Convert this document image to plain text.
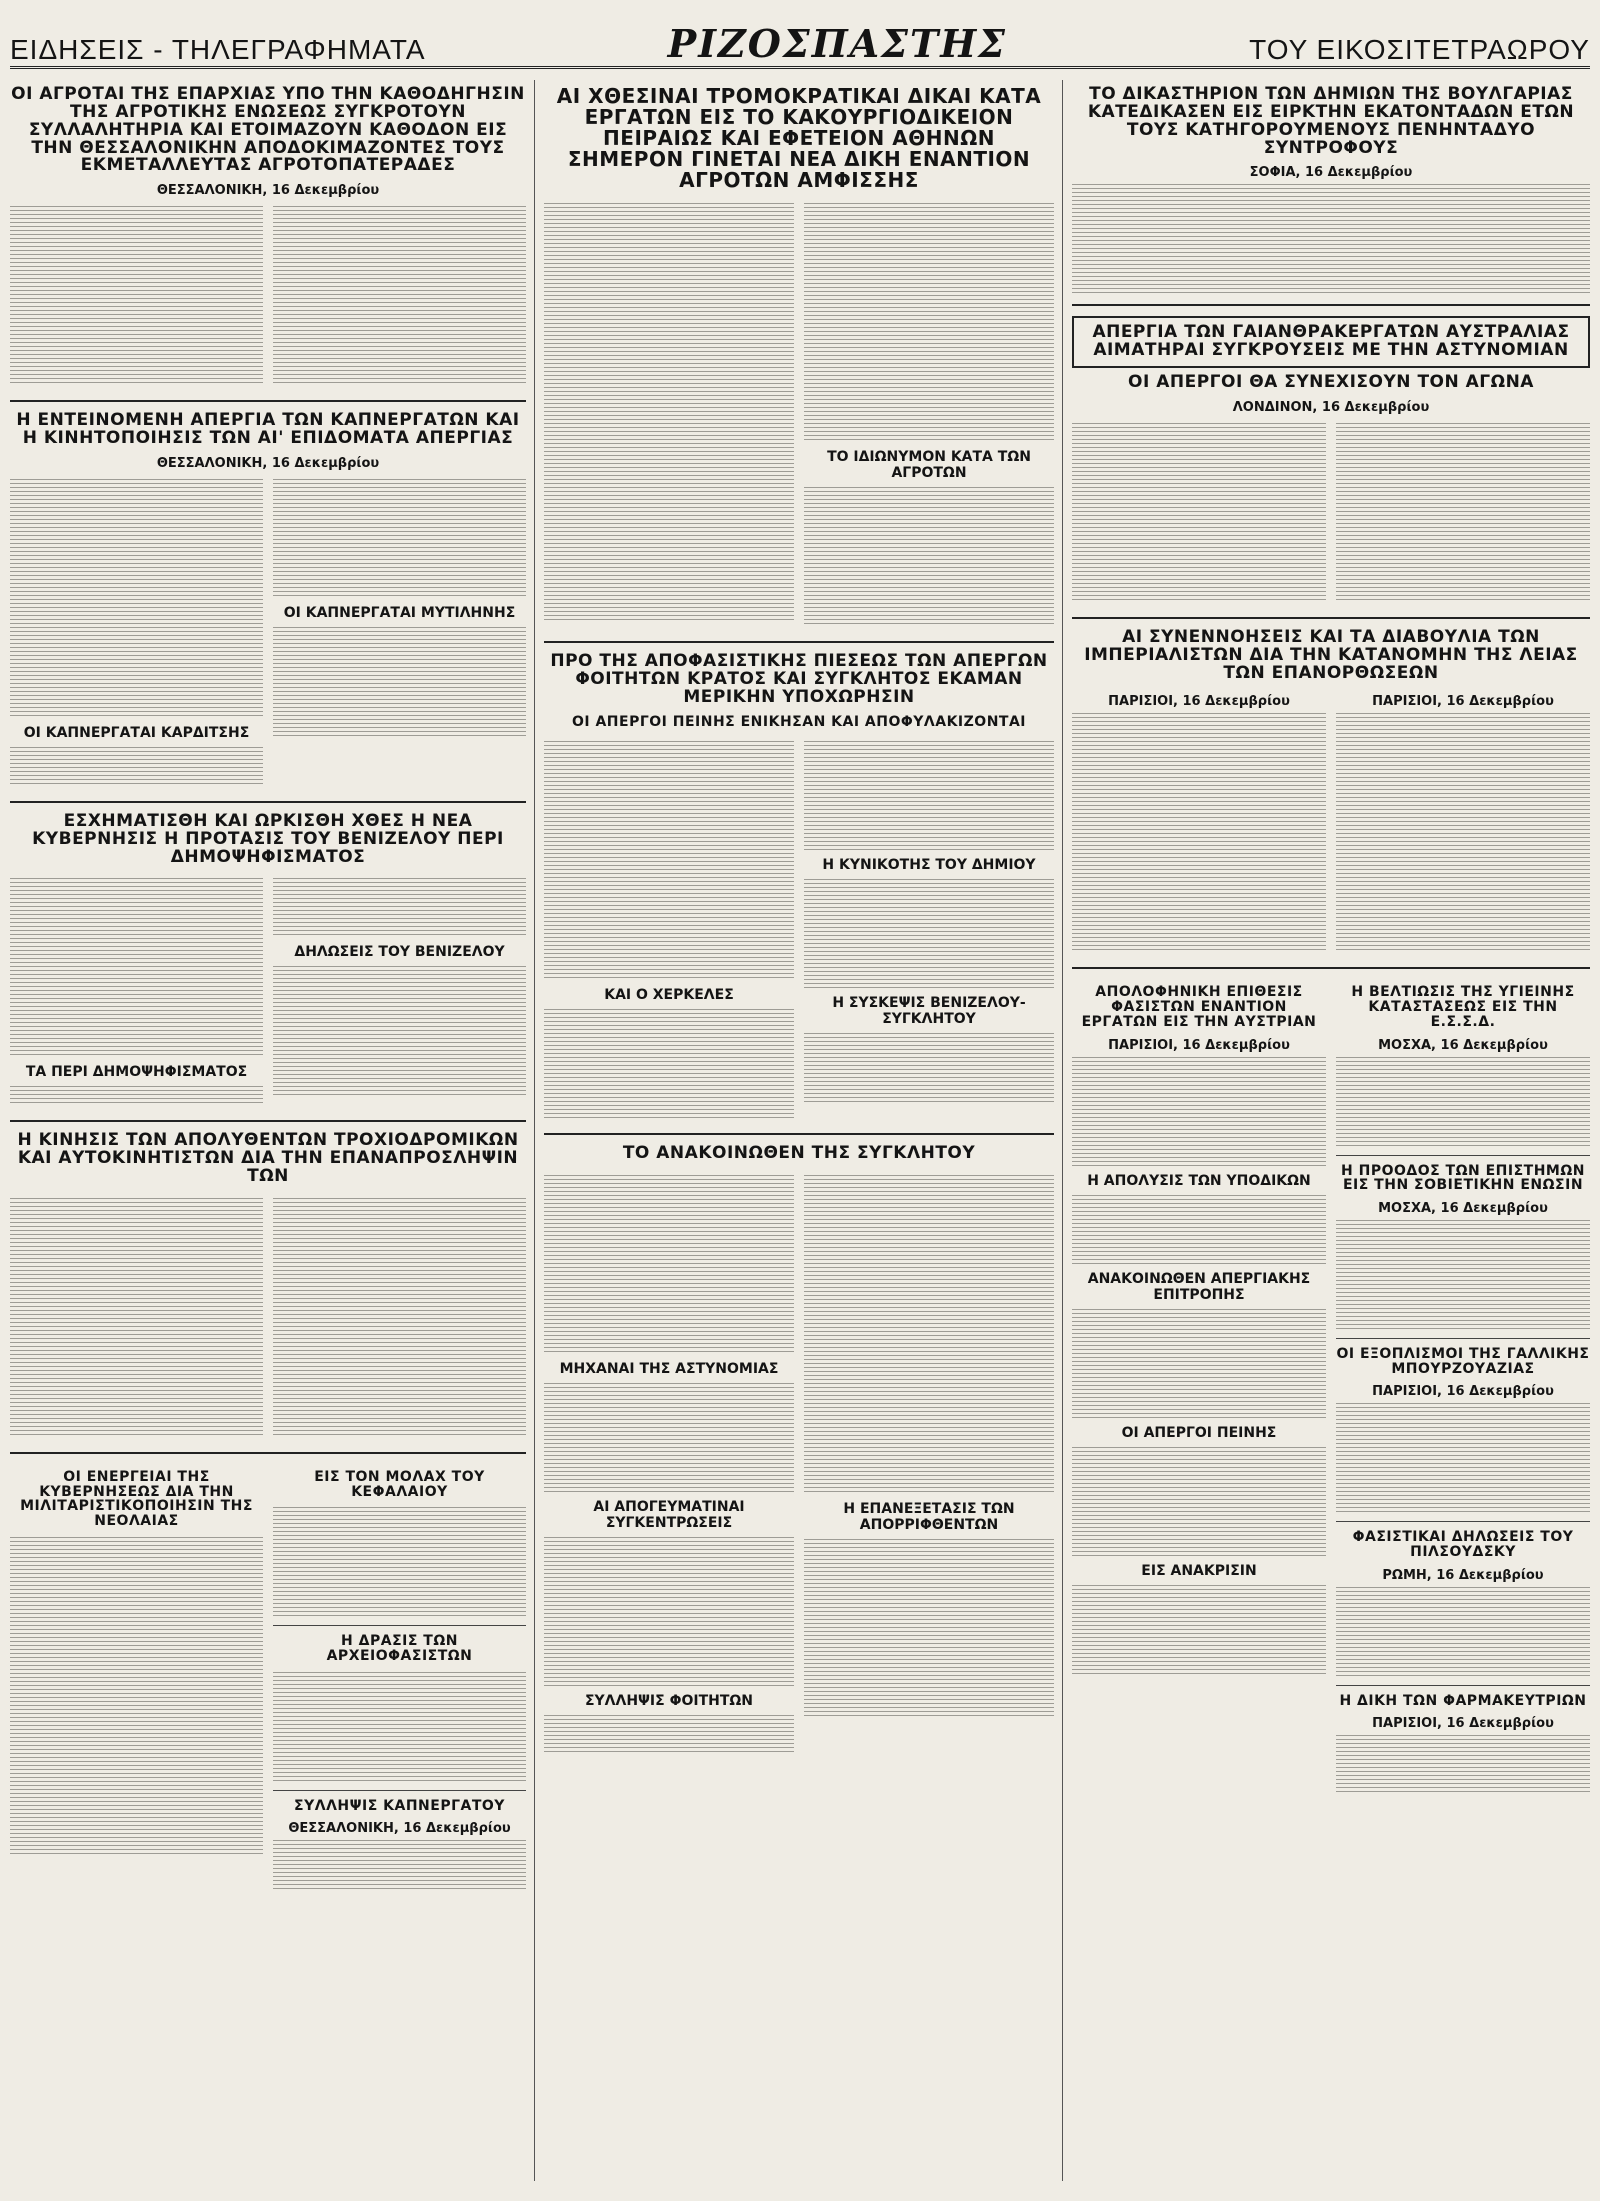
ΕΙΔΗΣΕΙΣ - ΤΗΛΕΓΡΑΦΗΜΑΤΑ	ΡΙΖΟΣΠΑΣΤΗΣ	ΤΟΥ ΕΙΚΟΣΙΤΕΤΡΑΩΡΟΥ
ΟΙ ΑΓΡΟΤΑΙ ΤΗΣ ΕΠΑΡΧΙΑΣ ΥΠΟ ΤΗΝ ΚΑΘΟΔΗΓΗΣΙΝ ΤΗΣ ΑΓΡΟΤΙΚΗΣ ΕΝΩΣΕΩΣ ΣΥΓΚΡΟΤΟΥΝ ΣΥΛΛΑΛΗΤΗΡΙΑ ΚΑΙ ΕΤΟΙΜΑΖΟΥΝ ΚΑΘΟΔΟΝ ΕΙΣ ΤΗΝ ΘΕΣΣΑΛΟΝΙΚΗΝ ΑΠΟΔΟΚΙΜΑΖΟΝΤΕΣ ΤΟΥΣ ΕΚΜΕΤΑΛΛΕΥΤΑΣ ΑΓΡΟΤΟΠΑΤΕΡΑΔΕΣ
ΘΕΣΣΑΛΟΝΙΚΗ, 16 Δεκεμβρίου
Η ΕΝΤΕΙΝΟΜΕΝΗ ΑΠΕΡΓΙΑ ΤΩΝ ΚΑΠΝΕΡΓΑΤΩΝ ΚΑΙ Η ΚΙΝΗΤΟΠΟΙΗΣΙΣ ΤΩΝ ΑΙ' ΕΠΙΔΟΜΑΤΑ ΑΠΕΡΓΙΑΣ
ΘΕΣΣΑΛΟΝΙΚΗ, 16 Δεκεμβρίου
ΟΙ ΚΑΠΝΕΡΓΑΤΑΙ ΚΑΡΔΙΤΣΗΣ
ΟΙ ΚΑΠΝΕΡΓΑΤΑΙ ΜΥΤΙΛΗΝΗΣ
ΕΣΧΗΜΑΤΙΣΘΗ ΚΑΙ ΩΡΚΙΣΘΗ ΧΘΕΣ Η ΝΕΑ ΚΥΒΕΡΝΗΣΙΣ Η ΠΡΟΤΑΣΙΣ ΤΟΥ ΒΕΝΙΖΕΛΟΥ ΠΕΡΙ ΔΗΜΟΨΗΦΙΣΜΑΤΟΣ
ΤΑ ΠΕΡΙ ΔΗΜΟΨΗΦΙΣΜΑΤΟΣ
ΔΗΛΩΣΕΙΣ ΤΟΥ ΒΕΝΙΖΕΛΟΥ
Η ΚΙΝΗΣΙΣ ΤΩΝ ΑΠΟΛΥΘΕΝΤΩΝ ΤΡΟΧΙΟΔΡΟΜΙΚΩΝ ΚΑΙ ΑΥΤΟΚΙΝΗΤΙΣΤΩΝ ΔΙΑ ΤΗΝ ΕΠΑΝΑΠΡΟΣΛΗΨΙΝ ΤΩΝ
ΟΙ ΕΝΕΡΓΕΙΑΙ ΤΗΣ ΚΥΒΕΡΝΗΣΕΩΣ ΔΙΑ ΤΗΝ ΜΙΛΙΤΑΡΙΣΤΙΚΟΠΟΙΗΣΙΝ ΤΗΣ ΝΕΟΛΑΙΑΣ
ΕΙΣ ΤΟΝ ΜΟΛΑΧ ΤΟΥ ΚΕΦΑΛΑΙΟΥ
Η ΔΡΑΣΙΣ ΤΩΝ ΑΡΧΕΙΟΦΑΣΙΣΤΩΝ
ΣΥΛΛΗΨΙΣ ΚΑΠΝΕΡΓΑΤΟΥ
ΘΕΣΣΑΛΟΝΙΚΗ, 16 Δεκεμβρίου
ΑΙ ΧΘΕΣΙΝΑΙ ΤΡΟΜΟΚΡΑΤΙΚΑΙ ΔΙΚΑΙ ΚΑΤΑ ΕΡΓΑΤΩΝ ΕΙΣ ΤΟ ΚΑΚΟΥΡΓΙΟΔΙΚΕΙΟΝ ΠΕΙΡΑΙΩΣ ΚΑΙ ΕΦΕΤΕΙΟΝ ΑΘΗΝΩΝ ΣΗΜΕΡΟΝ ΓΙΝΕΤΑΙ ΝΕΑ ΔΙΚΗ ΕΝΑΝΤΙΟΝ ΑΓΡΟΤΩΝ ΑΜΦΙΣΣΗΣ
ΤΟ ΙΔΙΩΝΥΜΟΝ ΚΑΤΑ ΤΩΝ ΑΓΡΟΤΩΝ
ΠΡΟ ΤΗΣ ΑΠΟΦΑΣΙΣΤΙΚΗΣ ΠΙΕΣΕΩΣ ΤΩΝ ΑΠΕΡΓΩΝ ΦΟΙΤΗΤΩΝ ΚΡΑΤΟΣ ΚΑΙ ΣΥΓΚΛΗΤΟΣ ΕΚΑΜΑΝ ΜΕΡΙΚΗΝ ΥΠΟΧΩΡΗΣΙΝ
ΟΙ ΑΠΕΡΓΟΙ ΠΕΙΝΗΣ ΕΝΙΚΗΣΑΝ ΚΑΙ ΑΠΟΦΥΛΑΚΙΖΟΝΤΑΙ
ΚΑΙ Ο ΧΕΡΚΕΛΕΣ
Η ΚΥΝΙΚΟΤΗΣ ΤΟΥ ΔΗΜΙΟΥ
Η ΣΥΣΚΕΨΙΣ ΒΕΝΙΖΕΛΟΥ-ΣΥΓΚΛΗΤΟΥ
ΤΟ ΑΝΑΚΟΙΝΩΘΕΝ ΤΗΣ ΣΥΓΚΛΗΤΟΥ
ΜΗΧΑΝΑΙ ΤΗΣ ΑΣΤΥΝΟΜΙΑΣ
ΑΙ ΑΠΟΓΕΥΜΑΤΙΝΑΙ ΣΥΓΚΕΝΤΡΩΣΕΙΣ
ΣΥΛΛΗΨΙΣ ΦΟΙΤΗΤΩΝ
Η ΕΠΑΝΕΞΕΤΑΣΙΣ ΤΩΝ ΑΠΟΡΡΙΦΘΕΝΤΩΝ
ΤΟ ΔΙΚΑΣΤΗΡΙΟΝ ΤΩΝ ΔΗΜΙΩΝ ΤΗΣ ΒΟΥΛΓΑΡΙΑΣ ΚΑΤΕΔΙΚΑΣΕΝ ΕΙΣ ΕΙΡΚΤΗΝ ΕΚΑΤΟΝΤΑΔΩΝ ΕΤΩΝ ΤΟΥΣ ΚΑΤΗΓΟΡΟΥΜΕΝΟΥΣ ΠΕΝΗΝΤΑΔΥΟ ΣΥΝΤΡΟΦΟΥΣ
ΣΟΦΙΑ, 16 Δεκεμβρίου
ΑΠΕΡΓΙΑ ΤΩΝ ΓΑΙΑΝΘΡΑΚΕΡΓΑΤΩΝ ΑΥΣΤΡΑΛΙΑΣ ΑΙΜΑΤΗΡΑΙ ΣΥΓΚΡΟΥΣΕΙΣ ΜΕ ΤΗΝ ΑΣΤΥΝΟΜΙΑΝ
ΟΙ ΑΠΕΡΓΟΙ ΘΑ ΣΥΝΕΧΙΣΟΥΝ ΤΟΝ ΑΓΩΝΑ
ΛΟΝΔΙΝΟΝ, 16 Δεκεμβρίου
ΑΙ ΣΥΝΕΝΝΟΗΣΕΙΣ ΚΑΙ ΤΑ ΔΙΑΒΟΥΛΙΑ ΤΩΝ ΙΜΠΕΡΙΑΛΙΣΤΩΝ ΔΙΑ ΤΗΝ ΚΑΤΑΝΟΜΗΝ ΤΗΣ ΛΕΙΑΣ ΤΩΝ ΕΠΑΝΟΡΘΩΣΕΩΝ
ΠΑΡΙΣΙΟΙ, 16 Δεκεμβρίου	ΠΑΡΙΣΙΟΙ, 16 Δεκεμβρίου
ΑΠΟΛΟΦΗΝΙΚΗ ΕΠΙΘΕΣΙΣ ΦΑΣΙΣΤΩΝ ΕΝΑΝΤΙΟΝ ΕΡΓΑΤΩΝ ΕΙΣ ΤΗΝ ΑΥΣΤΡΙΑΝ
ΠΑΡΙΣΙΟΙ, 16 Δεκεμβρίου
Η ΑΠΟΛΥΣΙΣ ΤΩΝ ΥΠΟΔΙΚΩΝ
ΑΝΑΚΟΙΝΩΘΕΝ ΑΠΕΡΓΙΑΚΗΣ ΕΠΙΤΡΟΠΗΣ
ΟΙ ΑΠΕΡΓΟΙ ΠΕΙΝΗΣ
ΕΙΣ ΑΝΑΚΡΙΣΙΝ
Η ΒΕΛΤΙΩΣΙΣ ΤΗΣ ΥΓΙΕΙΝΗΣ ΚΑΤΑΣΤΑΣΕΩΣ ΕΙΣ ΤΗΝ Ε.Σ.Σ.Δ.
ΜΟΣΧΑ, 16 Δεκεμβρίου
Η ΠΡΟΟΔΟΣ ΤΩΝ ΕΠΙΣΤΗΜΩΝ ΕΙΣ ΤΗΝ ΣΟΒΙΕΤΙΚΗΝ ΕΝΩΣΙΝ
ΜΟΣΧΑ, 16 Δεκεμβρίου
ΟΙ ΕΞΟΠΛΙΣΜΟΙ ΤΗΣ ΓΑΛΛΙΚΗΣ ΜΠΟΥΡΖΟΥΑΖΙΑΣ
ΠΑΡΙΣΙΟΙ, 16 Δεκεμβρίου
ΦΑΣΙΣΤΙΚΑΙ ΔΗΛΩΣΕΙΣ ΤΟΥ ΠΙΛΣΟΥΔΣΚΥ
ΡΩΜΗ, 16 Δεκεμβρίου
Η ΔΙΚΗ ΤΩΝ ΦΑΡΜΑΚΕΥΤΡΙΩΝ
ΠΑΡΙΣΙΟΙ, 16 Δεκεμβρίου
